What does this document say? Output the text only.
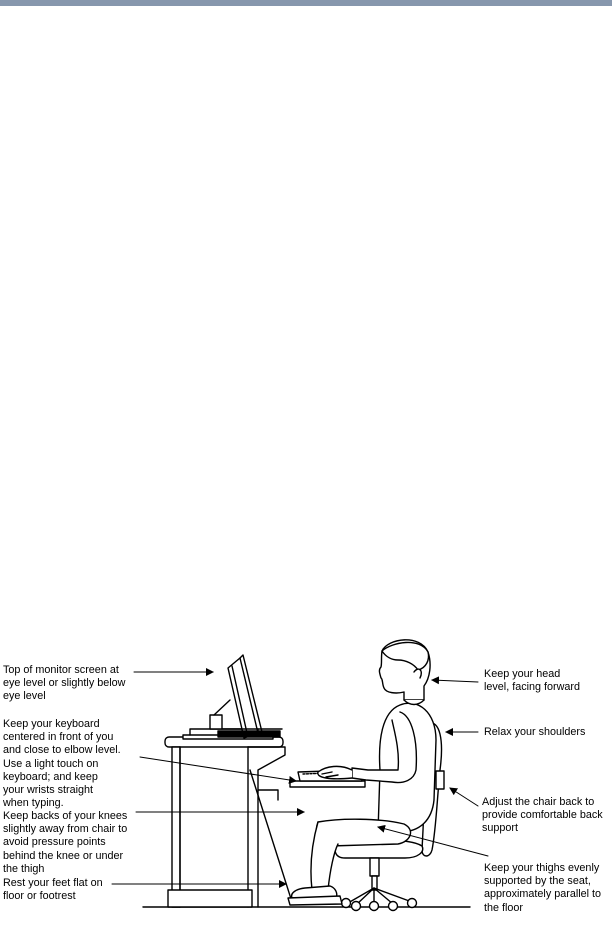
Top of monitor screen at
eye level or slightly below
eye level

Keep your keyboard
centered in front of you
and close to elbow level.
Use a light touch on
keyboard; and keep
your wrists straight
when typing.

Keep backs of your knees
slightly away from chair to
avoid pressure points
behind the knee or under
the thigh

Rest your feet flat on
floor or footrest

Keep your head
level, facing forward

Relax your shoulders

Adjust the chair back to
provide comfortable back
support

Keep your thighs evenly
supported by the seat,
approximately parallel to
the floor
